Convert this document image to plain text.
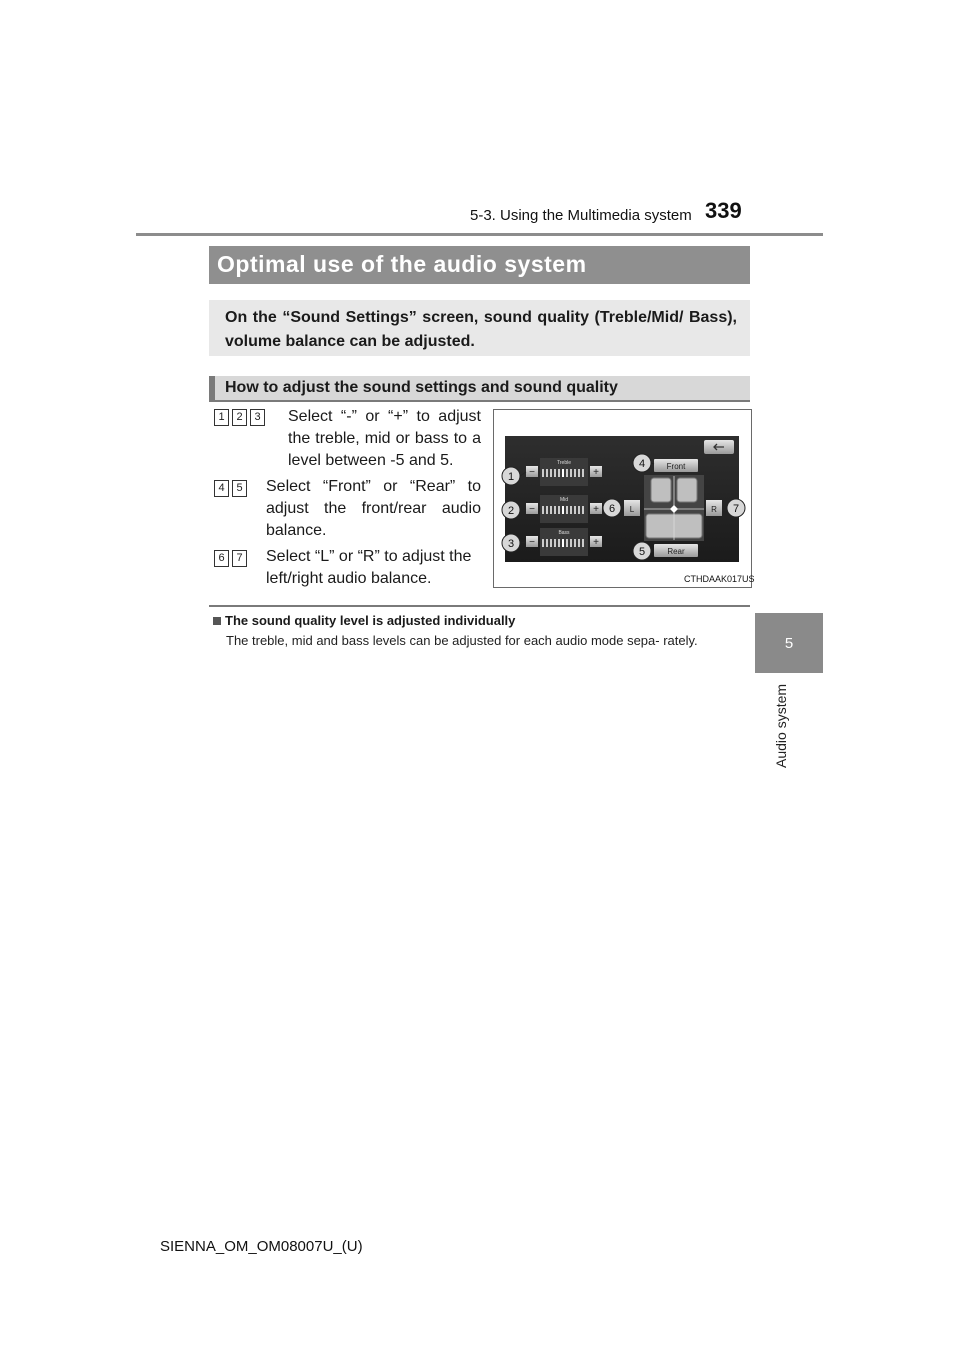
5-3. Using the Multimedia system 339
5
Audio system
Optimal use of the audio system
On the “Sound Settings” screen, sound quality (Treble/Mid/ Bass), volume balance can be adjusted.
How to adjust the sound settings and sound quality
1 2 3	Select “-” or “+” to adjust the treble, mid or bass to a level between -5 and 5.
4 5	Select “Front” or “Rear” to adjust the front/rear audio balance.
6 7	Select “L” or “R” to adjust the left/right audio balance.
−	+
Treble
−	+
Mid
−	+
Bass
Front
Rear
L	R
1
2
3
4
5
6	7
CTHDAAK017US
The sound quality level is adjusted individually
The treble, mid and bass levels can be adjusted for each audio mode sepa- rately.
SIENNA_OM_OM08007U_(U)
